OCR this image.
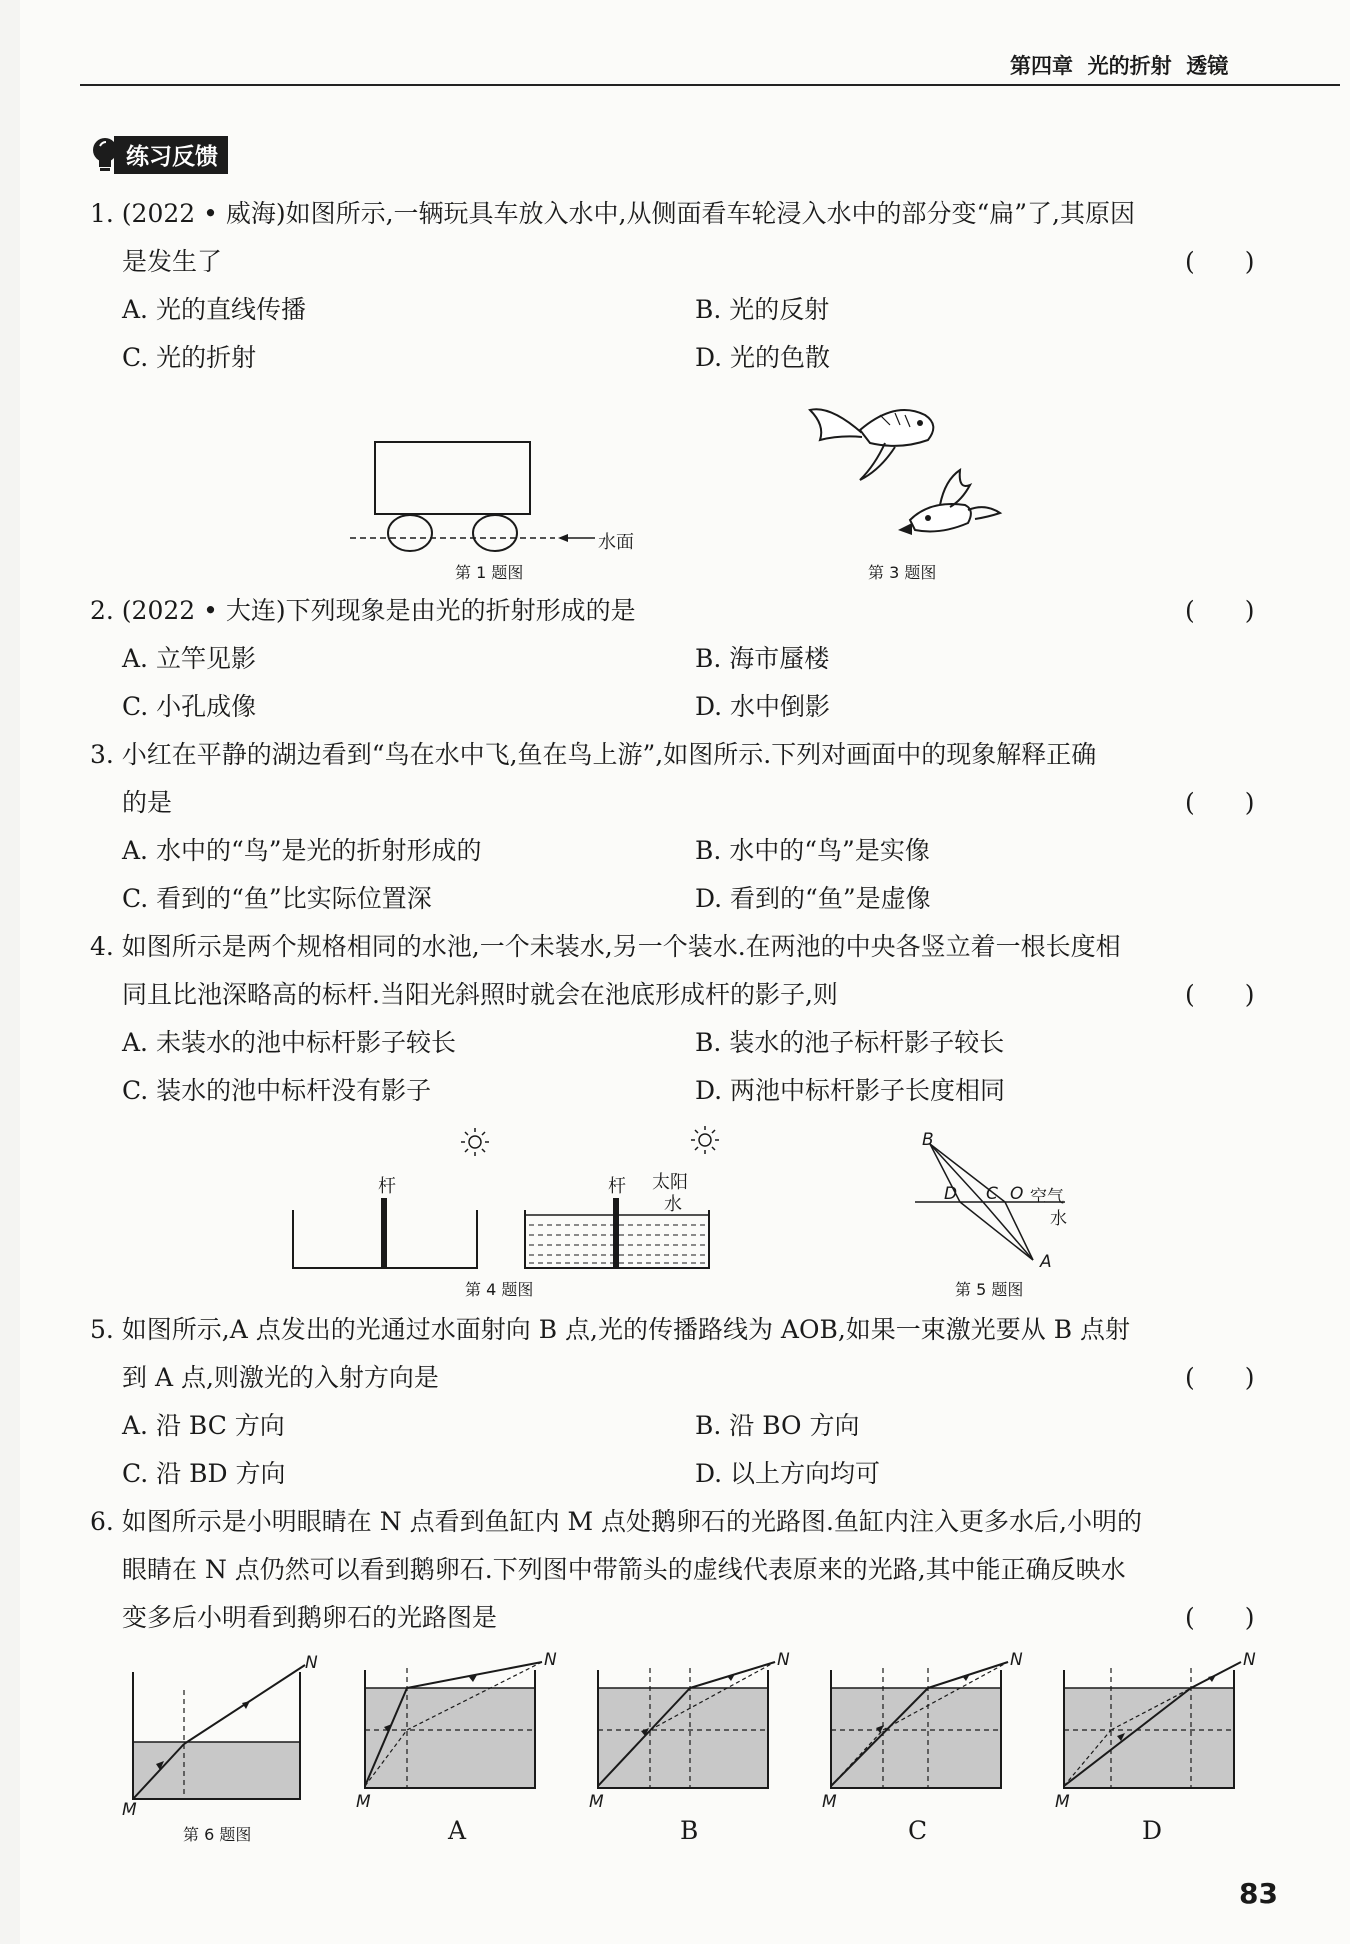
第四章 光的折射 透镜
练习反馈
1. (2022 • 威海)如图所示,一辆玩具车放入水中,从侧面看车轮浸入水中的部分变“扁”了,其原因
是发生了	(　　)
A. 光的直线传播	B. 光的反射
C. 光的折射	D. 光的色散
水面
第 1 题图	第 3 题图
2. (2022 • 大连)下列现象是由光的折射形成的是	(　　)
A. 立竿见影	B. 海市蜃楼
C. 小孔成像	D. 水中倒影
3. 小红在平静的湖边看到“鸟在水中飞,鱼在鸟上游”,如图所示.下列对画面中的现象解释正确
的是	(　　)
A. 水中的“鸟”是光的折射形成的	B. 水中的“鸟”是实像
C. 看到的“鱼”比实际位置深	D. 看到的“鱼”是虚像
4. 如图所示是两个规格相同的水池,一个未装水,另一个装水.在两池的中央各竖立着一根长度相
同且比池深略高的标杆.当阳光斜照时就会在池底形成杆的影子,则	(　　)
A. 未装水的池中标杆影子较长	B. 装水的池子标杆影子较长
C. 装水的池中标杆没有影子	D. 两池中标杆影子长度相同
杆	太阳
杆
水
第 4 题图
B
D C O 空气
水
A
第 5 题图
5. 如图所示,A 点发出的光通过水面射向 B 点,光的传播路线为 AOB,如果一束激光要从 B 点射
到 A 点,则激光的入射方向是	(　　)
A. 沿 BC 方向	B. 沿 BO 方向
C. 沿 BD 方向	D. 以上方向均可
6. 如图所示是小明眼睛在 N 点看到鱼缸内 M 点处鹅卵石的光路图.鱼缸内注入更多水后,小明的
眼睛在 N 点仍然可以看到鹅卵石.下列图中带箭头的虚线代表原来的光路,其中能正确反映水
变多后小明看到鹅卵石的光路图是	(　　)
N
M
第 6 题图
N
M
N
M
N
M
N
M
A	B	C	D
83
